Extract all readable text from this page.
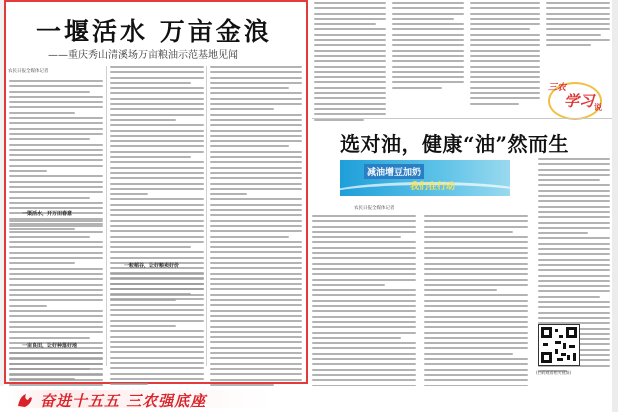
一堰活水 万亩金浪
——重庆秀山清溪场万亩粮油示范基地见闻
农民日报全媒体记者
一渠活水，开万田春意
一亩良田，让好种落好地
一粒稻谷，让好粮卖好价
三农
学习 说
选对油，健康“油”然而生
减油增豆加奶
我们在行动
农民日报全媒体记者
(扫码观看相关视频)
奋进十五五 三农强底座
